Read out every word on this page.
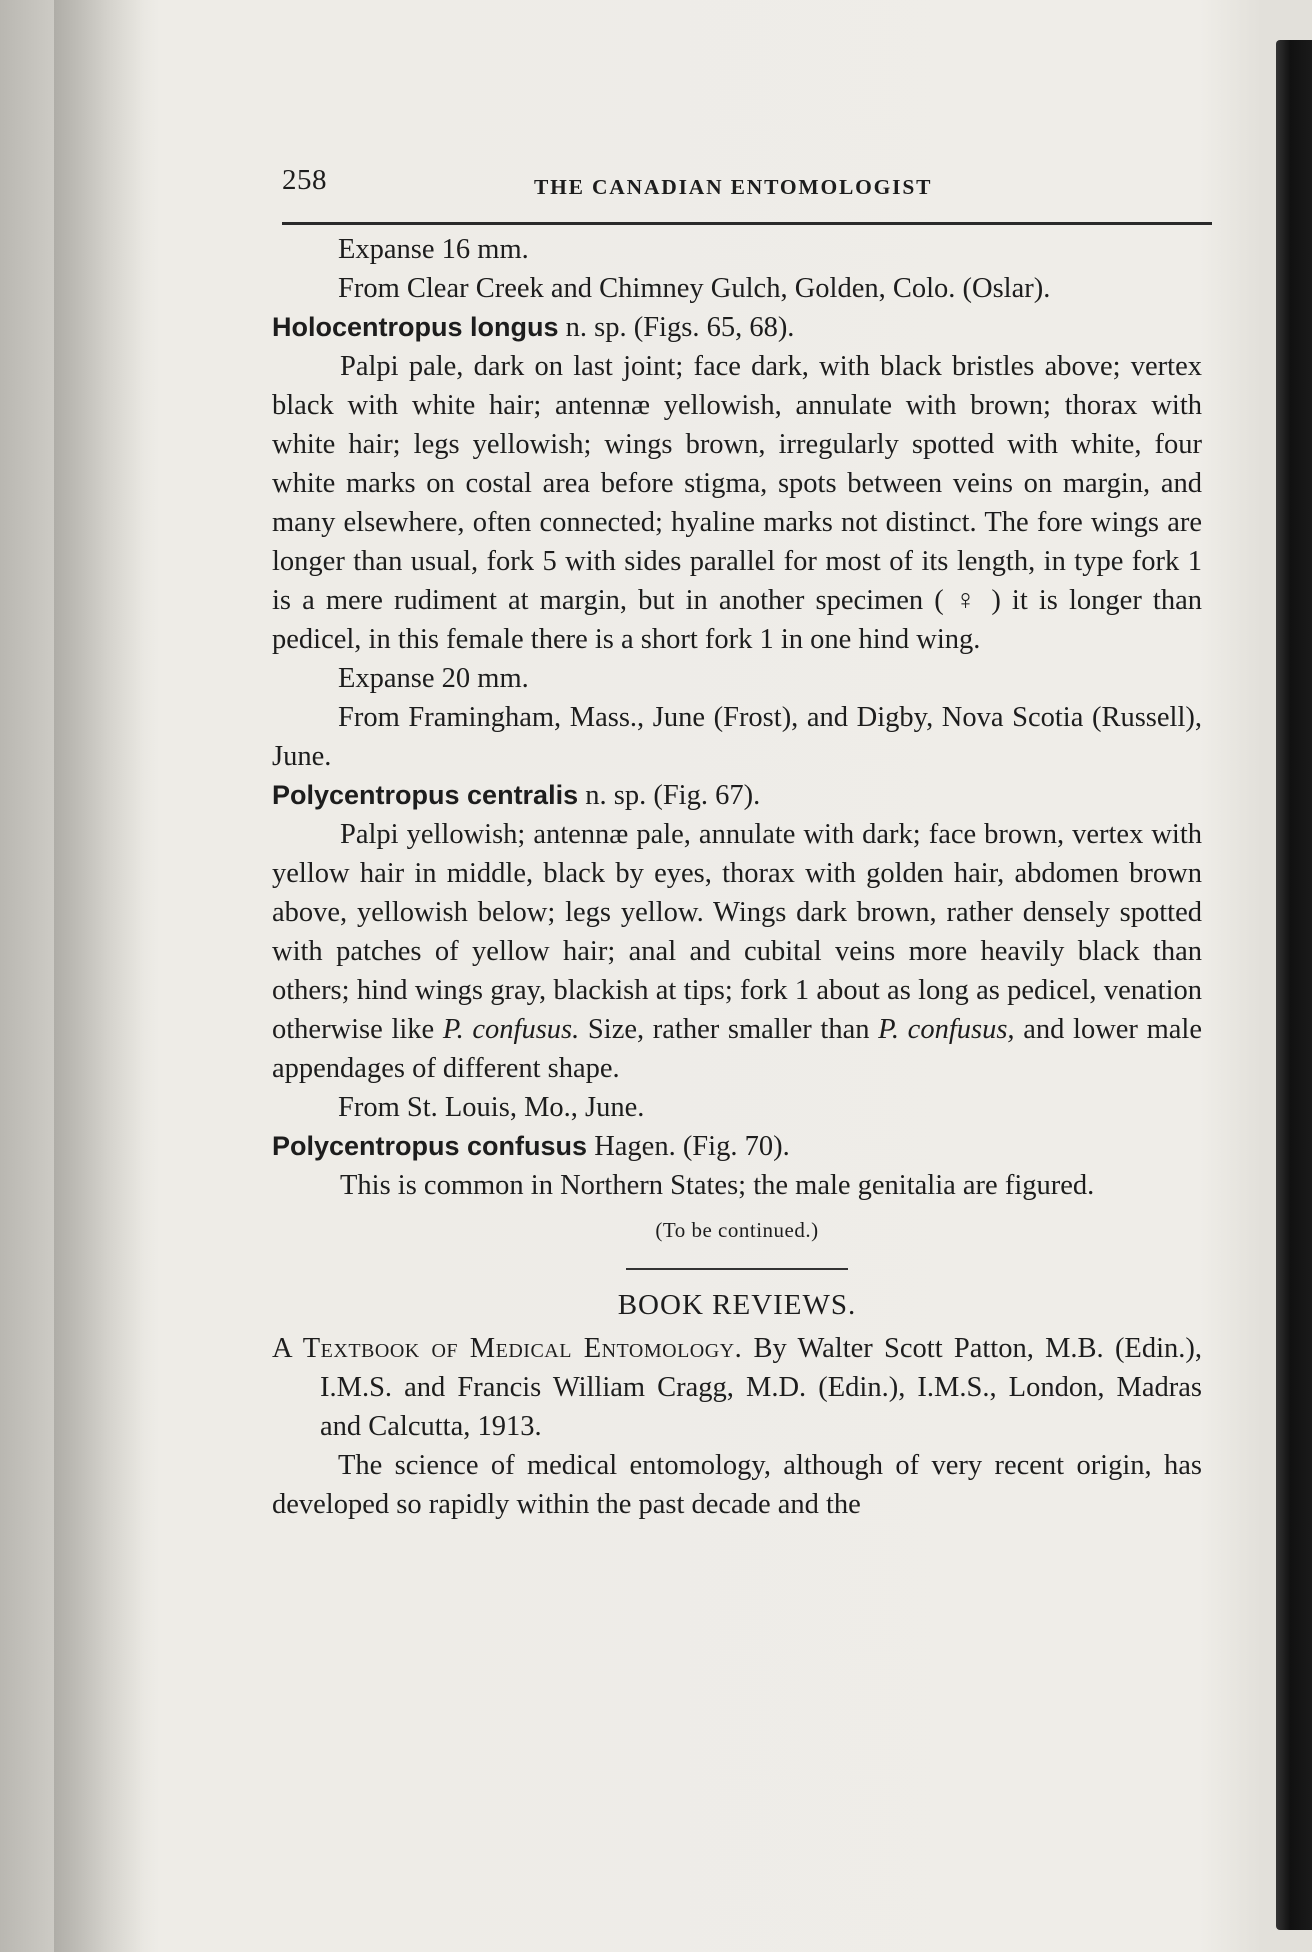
258	THE CANADIAN ENTOMOLOGIST

Expanse 16 mm.

From Clear Creek and Chimney Gulch, Golden, Colo. (Oslar).

Holocentropus longus n. sp. (Figs. 65, 68).

Palpi pale, dark on last joint; face dark, with black bristles above; vertex black with white hair; antennæ yellowish, annulate with brown; thorax with white hair; legs yellowish; wings brown, irregularly spotted with white, four white marks on costal area before stigma, spots between veins on margin, and many elsewhere, often connected; hyaline marks not distinct. The fore wings are longer than usual, fork 5 with sides parallel for most of its length, in type fork 1 is a mere rudiment at margin, but in another specimen ( ♀ ) it is longer than pedicel, in this female there is a short fork 1 in one hind wing.

Expanse 20 mm.

From Framingham, Mass., June (Frost), and Digby, Nova Scotia (Russell), June.

Polycentropus centralis n. sp. (Fig. 67).

Palpi yellowish; antennæ pale, annulate with dark; face brown, vertex with yellow hair in middle, black by eyes, thorax with golden hair, abdomen brown above, yellowish below; legs yellow. Wings dark brown, rather densely spotted with patches of yellow hair; anal and cubital veins more heavily black than others; hind wings gray, blackish at tips; fork 1 about as long as pedicel, venation otherwise like P. confusus. Size, rather smaller than P. confusus, and lower male appendages of different shape.

From St. Louis, Mo., June.

Polycentropus confusus Hagen. (Fig. 70).

This is common in Northern States; the male genitalia are figured.

(To be continued.)
BOOK REVIEWS.

A Textbook of Medical Entomology. By Walter Scott Patton, M.B. (Edin.), I.M.S. and Francis William Cragg, M.D. (Edin.), I.M.S., London, Madras and Calcutta, 1913.

The science of medical entomology, although of very recent origin, has developed so rapidly within the past decade and the
